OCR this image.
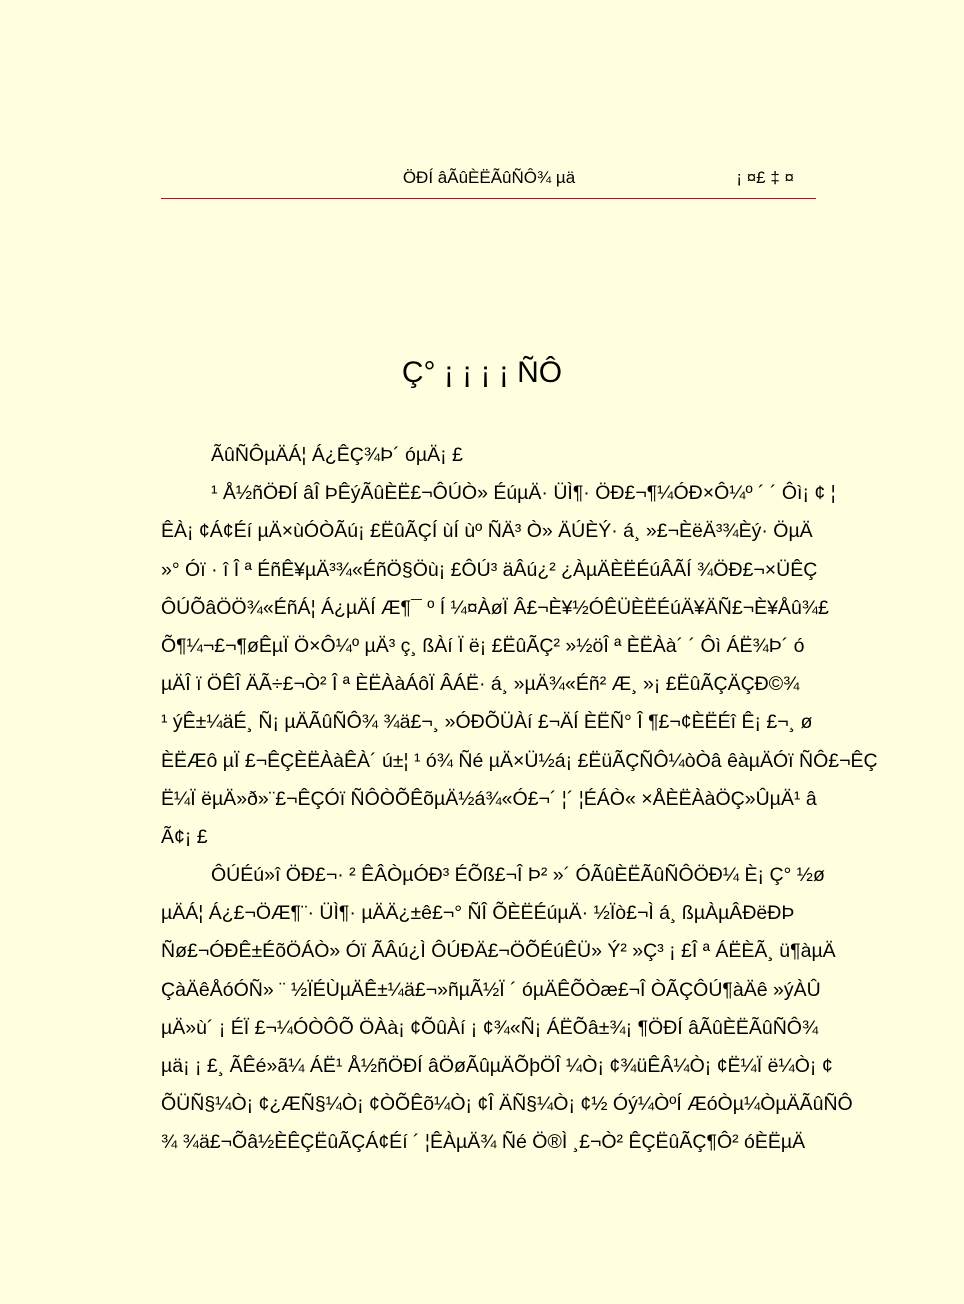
ÖÐÍ âÃûÈËÃûÑÔ¾ µä	¡ ¤£ ‡ ¤
Ç° ¡ ¡ ¡ ¡ ÑÔ
ÃûÑÔµÄÁ¦ Á¿ÊÇ¾Þ´ óµÄ¡ £
¹ Å½ñÖÐÍ âÎ ÞÊýÃûÈË£¬ÔÚÒ» ÉúµÄ· ÜÌ¶· ÖÐ£¬¶¼ÓÐ×Ô¼º ´ ´ Ôì¡ ¢ ¦
ÊÀ¡ ¢Á¢Éí µÄ×ùÓÒÃú¡ £ËûÃÇÍ ùÍ ùº ÑÄ³ Ò» ÄÚÈÝ· á¸ »£¬ÈëÄ³¾Èý· ÖµÄ
»° Óï · î Î ª ÉñÊ¥µÄ³¾«ÉñÖ§Öù¡ £ÔÚ³ äÂú¿² ¿ÀµÄÈËÉúÂÃÍ ¾ÖÐ£¬×ÜÊÇ
ÔÚÕâÖÖ¾«ÉñÁ¦ Á¿µÄÍ Æ¶¯ º Í ¼¤ÀøÏ Â£¬È¥½ÓÊÜÈËÉúÄ¥ÄÑ£¬È¥Åû¾£
Õ¶¼¬£¬¶øÊµÏ Ö×Ô¼º µÄ³ ç¸ ßÀí Ï ë¡ £ËûÃÇ² »½öÎ ª ÈËÀà´ ´ Ôì ÁË¾Þ´ ó
µÄÎ ï ÖÊÎ ÄÃ÷£¬Ò² Î ª ÈËÀàÁôÏ ÂÁË· á¸ »µÄ¾«Éñ² Æ¸ »¡ £ËûÃÇÄÇÐ©¾
¹ ýÊ±¼äÉ¸ Ñ¡ µÄÃûÑÔ¾ ¾ä£¬¸ »ÓÐÕÜÀí £¬ÄÍ ÈËÑ° Î ¶£¬¢ÈËÉî Ê¡ £¬¸ ø
ÈËÆô µÏ £¬ÊÇÈËÀàÊÀ´ ú±¦ ¹ ó¾ Ñé µÄ×Ü½á¡ £ËüÃÇÑÔ¼òÒâ êàµÄÓï ÑÔ£¬ÊÇ
Ë¼Ï ëµÄ»ð»¨£¬ÊÇÓï ÑÔÒÕÊõµÄ½á¾«Ó£¬´ ¦´ ¦ÉÁÒ« ×ÅÈËÀàÖÇ»ÛµÄ¹ â
Ã¢¡ £
ÔÚÉú»î ÖÐ£¬· ² ÊÂÒµÓÐ³ ÉÕß£¬Î Þ² »´ ÓÃûÈËÃûÑÔÖÐ¼ È¡ Ç° ½ø
µÄÁ¦ Á¿£¬ÖÆ¶¨· ÜÌ¶· µÄÄ¿±ê£¬° ÑÎ ÕÈËÉúµÄ· ½Ïò£¬Ì á¸ ßµÀµÂÐëÐÞ
Ñø£¬ÓÐÊ±ÉõÖÁÒ» Óï ÃÂú¿Ì ÔÚÐÄ£¬ÖÕÉúÊÜ» Ý² »Ç³ ¡ £Î ª ÁËÈÃ¸ ü¶àµÄ
ÇàÄêÅóÓÑ» ¨ ½ÏÉÙµÄÊ±¼ä£¬»ñµÃ½Ï ´ óµÄÊÕÒæ£¬Î ÒÃÇÔÚ¶àÄê »ýÀÛ
µÄ»ù´ ¡ ÉÏ £¬¼ÓÒÔÕ ÖÀà¡ ¢ÕûÀí ¡ ¢¾«Ñ¡ ÁËÕâ±¾¡ ¶ÖÐÍ âÃûÈËÃûÑÔ¾
µä¡ ¡ £¸ ÃÊé»ã¼ ÁË¹ Å½ñÖÐÍ âÖøÃûµÄÕþÖÎ ¼Ò¡ ¢¾üÊÂ¼Ò¡ ¢Ë¼Ï ë¼Ò¡ ¢
ÕÜÑ§¼Ò¡ ¢¿ÆÑ§¼Ò¡ ¢ÒÕÊõ¼Ò¡ ¢Î ÄÑ§¼Ò¡ ¢½ Óý¼ÒºÍ ÆóÒµ¼ÒµÄÃûÑÔ
¾ ¾ä£¬Õâ½ÈÊÇËûÃÇÁ¢Éí ´ ¦ÊÀµÄ¾ Ñé Ö®Ì ¸£¬Ò² ÊÇËûÃÇ¶Ô² óÈËµÄ
